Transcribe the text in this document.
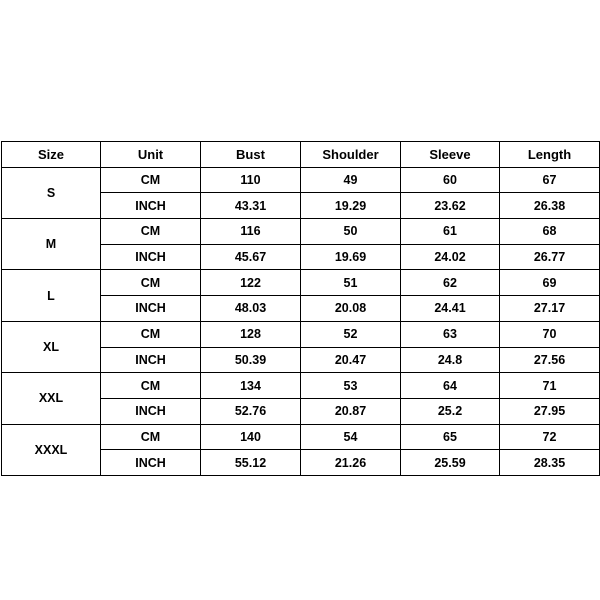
Size	Unit	Bust	Shoulder	Sleeve	Length
S	CM	110	49	60	67
	INCH	43.31	19.29	23.62	26.38
M	CM	116	50	61	68
	INCH	45.67	19.69	24.02	26.77
L	CM	122	51	62	69
	INCH	48.03	20.08	24.41	27.17
XL	CM	128	52	63	70
	INCH	50.39	20.47	24.8	27.56
XXL	CM	134	53	64	71
	INCH	52.76	20.87	25.2	27.95
XXXL	CM	140	54	65	72
	INCH	55.12	21.26	25.59	28.35
